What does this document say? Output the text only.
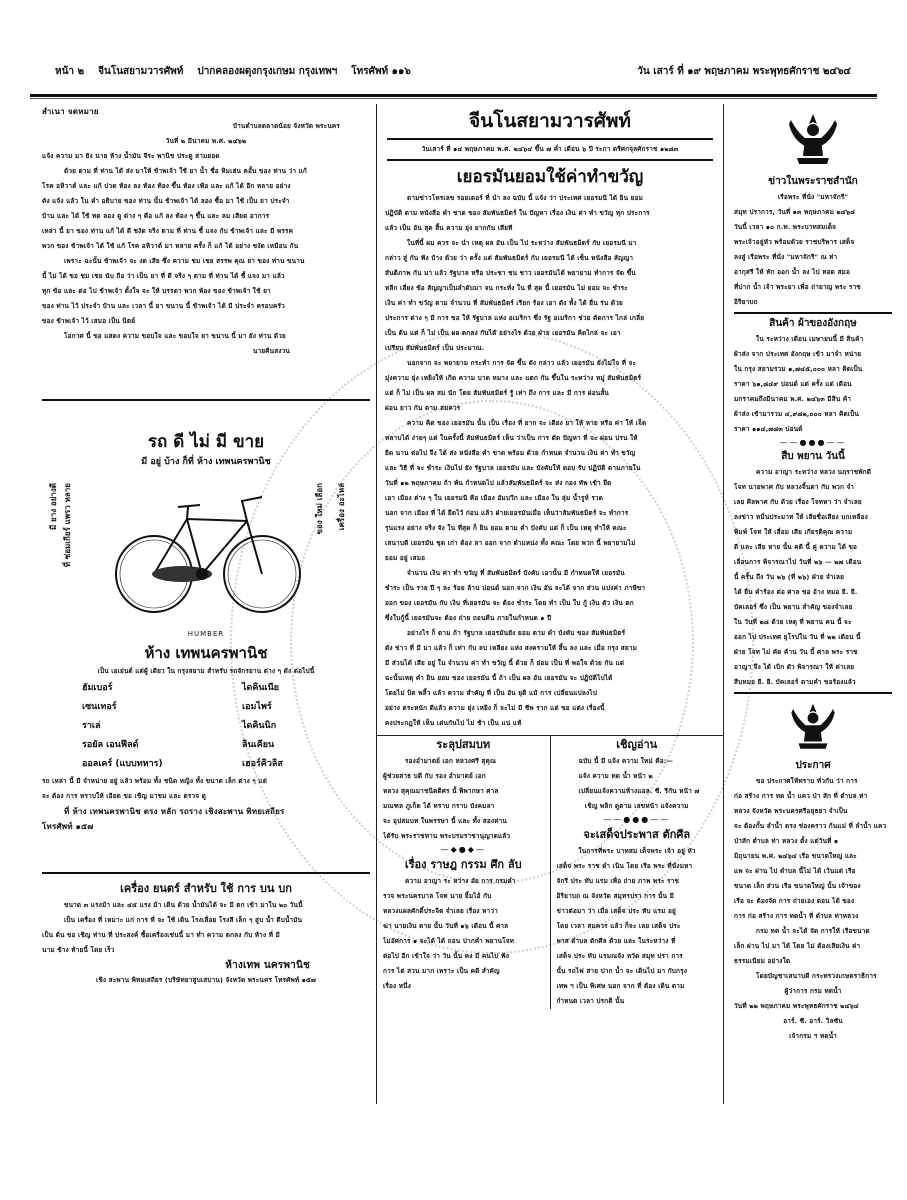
หน้า ๒ จีนโนสยามวารศัพท์ ปากคลองผดุงกรุงเกษม กรุงเทพฯ โทรศัพท์ ๑๑๖	วัน เสาร์ ที่ ๑๙ พฤษภาคม พระพุทธศักราช ๒๔๖๔
สำเนา จดหมาย
บ้านตำบลตลาดน้อย จังหวัด พระนคร
วันที่ ๒ มีนาคม พ.ศ. ๒๔๖๒
แจ้ง ความ มา ยัง นาย ห้าง น้ำมัน จีระ พานิช ประตู สามยอด
ด้วย ตาม ที่ ท่าน ได้ ส่ง มาให้ ข้าพเจ้า ใช้ ยา น้ำ ชื่อ หิมเฮ่น คอั้น ของ ท่าน ว่า แก้
โรค อหิวาต์ และ แก้ ปวด ท้อง ลง ท้อง ท้อง ขึ้น ท้อง เฟ้อ และ แก้ ได้ อีก หลาย อย่าง
ดัง แจ้ง แล้ว ใน คำ อธิบาย ของ ท่าน นั้น ข้าพเจ้า ได้ ลอง ซื้อ มา ใช้ เป็น ยา ประจำ
บ้าน และ ได้ ใช้ ทด ลอง ดู ต่าง ๆ คือ แก้ ลง ท้อง ๆ ขึ้น และ ลม เสียด อาการ
เหล่า นี้ ยา ของ ท่าน แก้ ได้ ดี ชงัด จริง ตาม ที่ ท่าน ชี้ แจง กับ ข้าพเจ้า และ มี พรรค
พวก ของ ข้าพเจ้า ได้ ใช้ แก้ โรค อหิวาต์ มา หลาย ครั้ง ก็ แก้ ได้ อย่าง ชงัด เหมือน กัน
เพราะ ฉะนั้น ข้าพเจ้า จะ งด เสีย ซึ่ง ความ ชม เชย สรรพ คุณ ยา ของ ท่าน ขนาน
นี้ ไม่ ได้ ขอ ชม เชย นับ ถือ ว่า เป็น ยา ที่ ดี จริง ๆ ตาม ที่ ท่าน ได้ ชี้ แจง มา แล้ว
ทุก ข้อ และ ต่อ ไป ข้าพเจ้า ตั้งใจ จะ ให้ บรรดา พวก พ้อง ของ ข้าพเจ้า ใช้ ยา
ของ ท่าน ไว้ ประจำ บ้าน และ เวลา นี้ ยา ขนาน นี้ ข้าพเจ้า ได้ มี ประจำ ครอบครัว
ของ ข้าพเจ้า ไว้ เสมอ เป็น นิตย์
โอกาศ นี้ ขอ แสดง ความ ขอบใจ และ ขอบใจ ยา ขนาน นี้ มา ยัง ท่าน ด้วย
นายคืนสงวน
รถ ดี ไม่ มี ขาย
มี อยู่ บ้าง ก็ที่ ห้าง เทพนครพานิช
มี ยาง อย่างดี ที่ ซ่อมเกียร์ แพรว หลาย	ของ ใหม่ เลือก	เครื่อง อะไหล่
HUMBER
ห้าง เทพนครพานิช
เป็น เอเย่นต์ แต่ผู้ เดียว ใน กรุงสยาม สำหรับ รถจักรยาน ต่าง ๆ ดัง ต่อไปนี้
ฮัมเบอร์	ไดคินเนีย
เซนเทอร์	เอมไพร์
ราเล่	ไดคินนิก
รอยัล เอนฟีลด์	ลินเคียน
ออลเคร์ (แบบทหาร)	เฮอร์คิวลิส
รถ เหล่า นี้ มี จำหน่าย อยู่ แล้ว พร้อม ทั้ง ชนิด หญิง ทั้ง ขนาด เล็ก ต่าง ๆ แต่
จะ ต้อง การ ทราบให้ เอียด ขอ เชิญ มาชม และ ตรวจ ดู
ที่ ห้าง เทพนครพานิช ตรง หลัก รถราง เชิงสะพาน พิทยเสถียร
โทรศัพท์ ๑๕๗
เครื่อง ยนตร์ สำหรับ ใช้ การ บน บก
ขนาด ๓ แรงม้า และ ๔๕ แรง ม้า เดิน ด้วย น้ำมันได้ จะ มี ตก เข้า มาใน ๒๐ วันนี้
เป็น เครื่อง ที่ เหมาะ แก่ การ ที่ จะ ใช้ เดิน โรงเลื่อย โรงสี เล็ก ๆ สูบ น้ำ ตีบน้ำมัน
เป็น ต้น ขอ เชิญ ท่าน ที่ ประสงค์ ซื้อเครื่องเช่นนี้ มา ทำ ความ ตกลง กับ ห้าง ที่ มี
นาม ข้าง ท้ายนี้ โดย เร็ว
ห้างเทพ นครพานิช
เชิง สะพาน พิทยเสถียร (บริษัทยาสูบเสบาน) จังหวัด พระนคร โทรศัพท์ ๑๕๗
จีนโนสยามวารศัพท์
วันเสาร์ ที่ ๑๔ พฤษภาคม พ.ศ. ๒๔๖๔ ขึ้น ๗ ค่ำ เดือน ๖ ปี ระกา ตรีศกจุลศักราช ๑๒๘๓
เยอรมันยอมใช้ค่าทำขวัญ
ตามข่าวโทรเลข รอยเตอร์ ที่ นำ ลง ฉบับ นี้ แจ้ง ว่า ประเทศ เยอรมนี ได้ ยิน ยอม
ปฏิบัติ ตาม หนังสือ คำ ขาด ของ สัมพันธมิตร์ ใน ปัญหา เรื่อง เงิน ค่า ทำ ขวัญ ทุก ประการ
แล้ว เป็น อัน สุด สิ้น ความ ยุ่ง ยากกัน เสียที
ในที่นี้ ผม ควร จะ นำ เหตุ ผล อัน เป็น ไป ระหว่าง สัมพันธมิตร์ กับ เยอรมนี มา
กล่าว สู่ กัน ฟัง บ้าง ด้วย ว่า ครั้ง แต่ สัมพันธมิตร์ กับ เยอรมนี ได้ เซ็น หนังสือ สัญญา
สันติภาพ กัน มา แล้ว รัฐบาล หรือ ประชา ชน ชาว เยอรมันได้ พยายาม ทำการ จัด ขึ้น
หลีก เลี่ยง ข้อ สัญญาเป็นลำดับมา จน กระทั่ง ใน ที่ สุด นี้ เยอรมัน ไม่ ยอม จะ ชำระ
เงิน ค่า ทำ ขวัญ ตาม จำนวน ที่ สัมพันธมิตร์ เรียก ร้อง เอา ดัง ทั้ง ได้ ยื่น ร่น ด้วย
ประการ ต่าง ๆ มี การ ขอ ให้ รัฐบาล แห่ง อเมริกา ซึ่ง รัฐ อเมริกา ช่วย ตัดการ ไกล่ เกลี่ย
เป็น ต้น แต่ ก็ ไม่ เป็น ผล ตกลง กันได้ อย่างไร ด้วย ฝ่าย เยอรมัน คิดไกล่ จะ เอา
เปรียบ สัมพันธมิตร์ เป็น ประมาณ.
นอกจาก จะ พยายาม กระทำ การ จัด ขึ้น ดัง กล่าว แล้ว เยอรมัน ยังไม่ใจ ที่ จะ
มุ่งความ ยุ่ง เหยิงให้ เกิด ความ บาด หมาง และ แตก กัน ขึ้นใน ระหว่าง หมู่ สัมพันธมิตร์
แต่ ก็ ไม่ เป็น ผล สม นัก โดย สัมพันธมิตร์ รู้ เท่า ถึง การ และ มี การ ผ่อนสั้น
ผ่อน ยาว กัน ตาม สมควร
ความ คิด ของ เยอรมัน นั้น เป็น เรื่อง ที่ ยาก จะ เดียง ยา ให้ หาย หรือ ค่า ให้ เจ็ด
หลาบได้ ง่ายๆ แต่ ในครั้งนี้ สัมพันธมิตร์ เห็น ว่าเป็น การ ตัด ปัญหา ที่ จะ ผ่อน ปรน ให้
ยืด นาน ต่อไป จึง ได้ ส่ง หนังสือ คำ ขาด พร้อม ด้วย กำหนด จำนวน เงิน ค่า ทำ ขวัญ
และ วิธี ที่ จะ ชำระ เงินไป ยัง รัฐบาล เยอรมัน และ บังคับให้ ตอบ รับ ปฏิบัติ ตามภายใน
วันที่ ๑๒ พฤษภาคม ถ้า พ้น กำหนดไป แล้วสัมพันธมิตร์ จะ ส่ง กอง ทัพ เข้า ยึด
เอา เมือง ต่าง ๆ ใน เยอรมนี คือ เมือง อัมบวีก และ เมือง ใน ลุ่ม น้ำรูห์ รวด
นอก จาก เมือง ที่ ได้ ยึดไว้ ก่อน แล้ว ฝ่ายเยอรมันเมื่อ เห็นว่าสัมพันธมิตร์ จะ ทำการ
รุนแรง อย่าง จริง จัง ใน ที่สุด ก็ ยิน ยอม ตาม คำ บังคับ แต่ ก็ เป็น เหตุ ทำให้ คณะ
เสนาบดี เยอรมัน ชุด เก่า ต้อง ลา ออก จาก ตำแหน่ง ทั้ง คณะ โดย พวก นี้ พยายามไม่
ยอม อยู่ เสมอ
จำนวน เงิน ค่า ทำ ขวัญ ที่ สัมพันธมิตร์ บังคับ เอานั้น มี กำหนดให้ เยอรมัน
ชำระ เป็น ราย ปี ๆ ละ ร้อย ล้าน ปอนด์ นอก จาก เงิน อัน จะได้ จาก ส่วน แบ่งค่า ภาษีขา
ออก ของ เยอรมัน กับ เงิน ที่เยอรมัน จะ ต้อง ชำระ โดย ทำ เป็น ใบ กู้ เงิน ตัว เงิน ตก
ซึ่งใบกู้นี้ เยอรมันจะ ต้อง ถ่าย ถอนคืน ภายในกำหนด ๑ ปี
อย่างไร ก็ ตาม ถ้า รัฐบาล เยอรมันยัง ยอม ตาม คำ บังคับ ของ สัมพันธมิตร์
ดัง ข่าว ที่ มี มา แล้ว ก็ เท่า กับ ลบ เหลียง แห่ง สงครามให้ สิ้น ลง และ เมื่อ กรุง สยาม
มี ส่วนได้ เสีย อยู่ ใน จำนวน ค่า ทำ ขวัญ นี้ ด้วย ก็ ย่อม เป็น ที่ พอใจ ด้วย กัน แต่
ฉะนั้นเหตุ คำ ยิน ยอม ของ เยอรมัน นี้ ถ้า เป็น ผล อัน เยอรมัน จะ ปฏิบัติไปได้
โดยไม่ บิด พลิ้ว แล้ว ความ สำคัญ ที่ เป็น อัน ยุติ แม้ การ เปลี่ยนแปลงไป
อย่าง ตระหนัก ดีแล้ว ความ ยุ่ง เหยิง ก็ จะไม่ มี ชีพ ราก แต่ ขอ แต่ง เรื่องนี้
คงประกฎให้ เห็น เด่นกันไป ไม่ ช้า เป็น แน่ แท้
ระลุปสมบท
รองอำมาตย์ เอก หลวงศรี สุคุณ
ผู้ช่วยสาธ บดี กับ รอง อำมาตย์ เอก
หลวง สุคุณมาชนิตติศร นั้ พิพากษา ศาล
มณฑล ภูเก็ต ได้ ทราบ กราบ บังคมลา
จะ อุปสมบท ในพรรษา นี้ และ ทั้ง สองท่าน
ได้รับ พระราชทาน พระบรมราชานุญาตแล้ว
—◆●◆—
เรื่อง ราษฎ กรรม ศึก ลับ
ความ อาญา ระ หว่าง อัย การ กรมคำ
รวจ พระนครบาล โจท นาย ยิ้มไอ้ กับ
หลวงแผลศักดิ์ประจิต จำเลย เรื่อง หาว่า
ฆ่า นายเงิน ตาย นั้น วันที่ ๑๖ เดือน นี้ ศาล
ไม่อัศการ ๑ จะได้ ได้ ถอน ปากคำ พยานโจท
ต่อไป อีก เข้าใจ ว่า วัน นั้น คง มี คนไป ฟัง
การ ไต่ สวน มาก เพราะ เป็น คดี สำคัญ
เรื่อง หนึ่ง
เชิญอ่าน
ฉบับ นี้ มี แจ้ง ความ ใหม่ คือ:—
แจ้ง ความ ทด น้ำ หน้า ๒
เปลี่ยนแจ้งความห้างแอล. ซี. รีกัน หน้า ๗
เชิญ พลิก ดูตาม เลขหน้า แจ้งความ
——●●●——
จะเสด็จประพาส ตักศีล
ในการที่พระ บาทสม เด็จพระ เจ้า อยู่ หัว
เสด็จ พระ ราช ดำ เนิน โดย เรือ พระ ที่นั่งมหา
จักรี ประ ทับ แรม เพื่อ ถ่าย ภาพ พระ ราช
อิริยาบถ ณ จังหวัด สมุทรปรา การ นั้น มี
ข่าวต่อมา ว่า เมื่อ เสด็จ ประ ทับ แรม อยู่
โดย เวลา สมควร แล้ว ก็จะ เลย เสด็จ ประ
พาส ตำบล ตักศีล ด้วย และ ในระหว่าง ที่
เสด็จ ประ ทับ แรมณจัง หวัด สมุท ปรา การ
นั้น รถไฟ สาย ปาก น้ำ จะ เดินไป มา กับกรุง
เทพ ฯ เป็น พิเศษ นอก จาก ที่ ต้อง เดิน ตาม
กำหนด เวลา ปรกติ นั้น
ข่าวในพระราชสำนัก
เรือพระ ที่นั่ง "มหาจักรี"
สมุท ปราการ, วันที่ ๑๓ พฤษภาคม ๒๔๖๔
วันนี้ เวลา ๑๐ ก.ท. พระบาทสมเด็จ
พระเจ้าอยู่หัว พร้อมด้วย ราชบริพาร เสด็จ
ลงสู่ เรือพระ ที่นั่ง "มหาจักรี" ณ ท่า
อากุสรี ให้ ทัก ออก น้ำ ลง ไป ทอด สมอ
ที่ปาก น้ำ เจ้า พระยา เพื่อ ถ่ายาญ พระ ราช
อิริยาบถ
สินค้า ผ้าของอังกฤษ
ใน ระหว่าง เดือน เมษายนนี้ มี สินค้า
ผ้าส่ง จาก ประเทศ อังกฤษ เข้า มาจำ หน่าย
ใน กรุง สยามรวม ๑,๗๔๕,๐๐๐ หลา คิดเป็น
ราคา ๖๑,๘๔๙ ปอนด์ แต่ ครั้ง แต่ เดือน
มกราคมถึงมีนาคม พ.ศ. ๒๔๖๓ มีสิน ค้า
ผ้าส่ง เข้ามารวม ๔,๙๘๒,๐๐๐ หลา คิดเป็น
ราคา ๑๑๔,๗๘๓ ปอนด์
——●●●——
สืบ พยาน วันนี้
ความ อาญา ระหว่าง หลวง นฤราชพักดี
โจท นายพาศ กับ หลวงจิ้นตา กับ พวก จำ
เลย ศิลพาศ กับ ด้วย เรื่อง โจทหา ว่า จำเลย
ลงข่าว หมิ่นประมาท ให้ เสียชื่อเสียง บกเหลือง
พิมพ์ โจท ให้ เสื่อม เสีย เกียรติคุณ ความ
ดี และ เสีย หาย นั้น คดี นี้ คู่ ความ ได้ ขอ
เลื่อนการ พิจารณาไป วันที่ ๒๖ — ๒๗ เดือน
นี้ ครั้น ถึง วัน ๒๖ (ที่ ๒๖) ฝ่าย จำเลย
ได้ ยื่น คำร้อง ต่อ ศาล ขอ อ้าง หมอ ยี. ยี.
บัคเลอร์ ซึ่ง เป็น พยาน สำคัญ ของจำเลย
ใน วันที่ ๒๘ ด้วย เหตุ ที่ พยาน คน นี้ จะ
ออก ไป ประเทศ ยุโรปใน วัน ที่ ๒๒ เดือน นี้
ฝ่าย โจท ไม่ คัด ค้าน วัน นี้ ศาล พระ ราช
อาญา จึง ได้ เบิก ตัว พิจารณา ให้ ค่าเลย
สืบหมอ ยี. ยี. บัคเลอร์ ตามคำ ขอร้องแล้ว
ประกาศ
ขอ ประกาศให้ทราบ ทั่วกัน ว่า การ
ก่อ สร้าง การ ทด น้ำ แคว ป่า สัก ที่ ตำบล ท่า
หลวง จังหวัด พระนครศรีอยุธยา จำเป็น
จะ ต้องกั้น ลำน้ำ ตรง ช่องคราว ก้นแม่ ที่ ลำน้ำ แคว
ป่าสัก ตำบล ท่า หลวง ตั้ง แต่วันที่ ๑
มิถุนายน พ.ศ. ๒๔๖๔ เรือ ขนาดใหญ่ และ
แพ จะ ผ่าน ไป ตำบล นี้ไม่ ได้ เว้นแต่ เรือ
ขนาด เล็ก ส่วน เรือ ขนาดใหญ่ นั้น เจ้าของ
เรือ จะ ต้องจัด การ ถ่ายเอง ตอน ได้ ของ
การ ก่อ สร้าง การ ทดน้ำ ที่ ตำบล ท่าหลวง
กรม ทด น้ำ จะได้ จัด การให้ เรือขนาด
เล็ก ผ่าน ไป มา ได้ โดย ไม่ ต้องเสียเงิน ค่า
ธรรมเนียม อย่างใด
โดยบัญชาเสนาบดี กระทรวงเกษตราธิการ
ผู้ว่าการ กรม ทดน้ำ
วันที่ ๒๒ พฤษภาคม พระพุทธศักราช ๒๔๖๔
อาร์. ซี. อาร์. วิลซัน
เจ้ากรม ฯ ทดน้ำ
